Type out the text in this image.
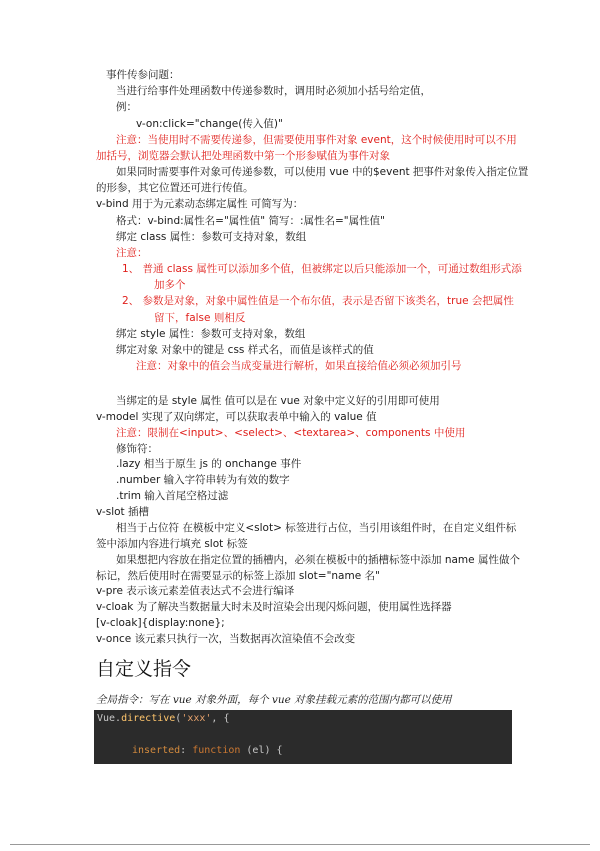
事件传参问题：
当进行给事件处理函数中传递参数时，调用时必须加小括号给定值，
例：
v-on:click="change(传入值)"
注意：当使用时不需要传递参，但需要使用事件对象 event，这个时候使用时可以不用
加括号，浏览器会默认把处理函数中第一个形参赋值为事件对象
如果同时需要事件对象可传递参数，可以使用 vue 中的$event 把事件对象传入指定位置
的形参，其它位置还可进行传值。
v-bind 用于为元素动态绑定属性 可简写为：
格式：v-bind:属性名="属性值" 简写：:属性名="属性值"
绑定 class 属性：参数可支持对象，数组
注意：
1、 普通 class 属性可以添加多个值，但被绑定以后只能添加一个，可通过数组形式添
加多个
2、 参数是对象，对象中属性值是一个布尔值，表示是否留下该类名，true 会把属性
留下，false 则相反
绑定 style 属性：参数可支持对象，数组
绑定对象 对象中的键是 css 样式名，而值是该样式的值
注意：对象中的值会当成变量进行解析，如果直接给值必须必须加引号
当绑定的是 style 属性 值可以是在 vue 对象中定义好的引用即可使用
v-model 实现了双向绑定，可以获取表单中输入的 value 值
注意：限制在<input>、<select>、<textarea>、components 中使用
修饰符：
.lazy 相当于原生 js 的 onchange 事件
.number 输入字符串转为有效的数字
.trim 输入首尾空格过滤
v-slot 插槽
相当于占位符 在模板中定义<slot> 标签进行占位，当引用该组件时，在自定义组件标
签中添加内容进行填充 slot 标签
如果想把内容放在指定位置的插槽内，必须在模板中的插槽标签中添加 name 属性做个
标记，然后使用时在需要显示的标签上添加 slot="name 名"
v-pre 表示该元素差值表达式不会进行编译
v-cloak 为了解决当数据量大时未及时渲染会出现闪烁问题，使用属性选择器
[v-cloak]{display:none};
v-once 该元素只执行一次，当数据再次渲染值不会改变
自定义指令
全局指令：写在 vue 对象外面，每个 vue 对象挂载元素的范围内都可以使用
Vue.directive('xxx', {
inserted: function (el) {
